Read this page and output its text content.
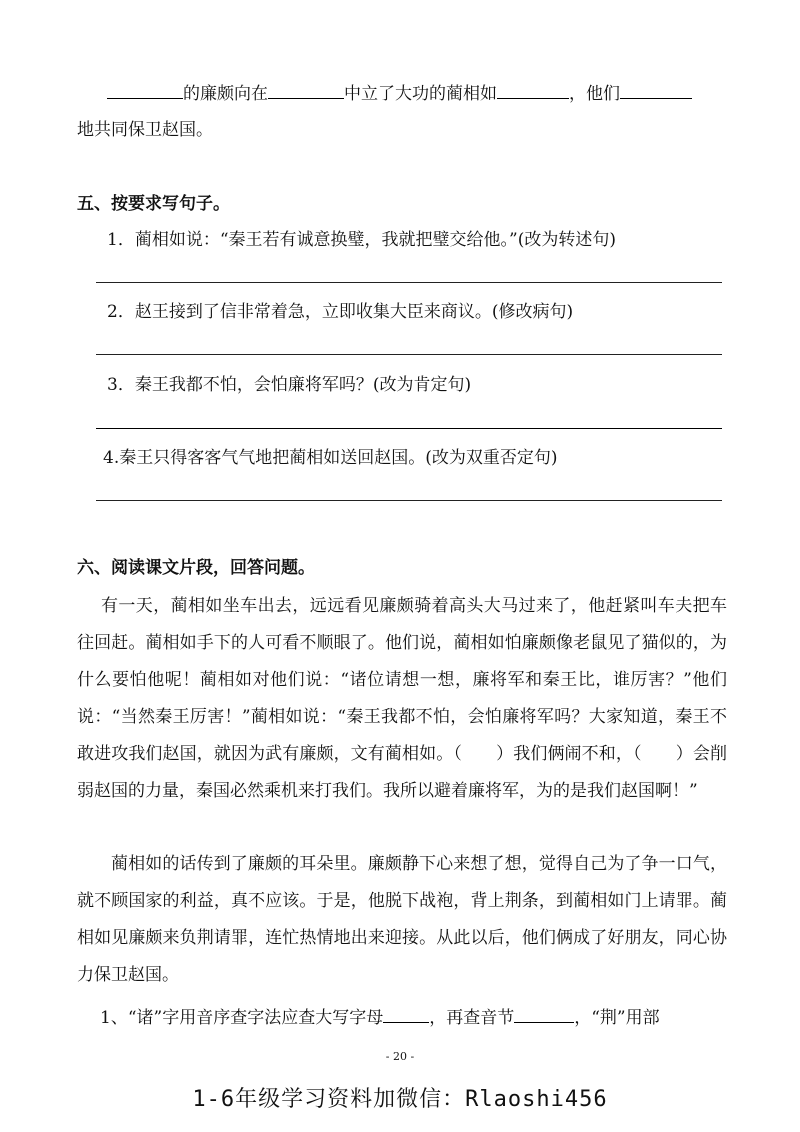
的廉颇向在	中立了大功的蔺相如	，他们
地共同保卫赵国。
五、按要求写句子。
1．蔺相如说：“秦王若有诚意换璧，我就把璧交给他。”(改为转述句)
2．赵王接到了信非常着急，立即收集大臣来商议。(修改病句)
3．秦王我都不怕，会怕廉将军吗？(改为肯定句)
4.秦王只得客客气气地把蔺相如送回赵国。(改为双重否定句)
六、阅读课文片段，回答问题。
有一天，蔺相如坐车出去，远远看见廉颇骑着高头大马过来了，他赶紧叫车夫把车往回赶。蔺相如手下的人可看不顺眼了。他们说，蔺相如怕廉颇像老鼠见了猫似的，为什么要怕他呢！蔺相如对他们说：“诸位请想一想，廉将军和秦王比，谁厉害？”他们说：“当然秦王厉害！”蔺相如说：“秦王我都不怕，会怕廉将军吗？大家知道，秦王不敢进攻我们赵国，就因为武有廉颇，文有蔺相如。（　　）我们俩闹不和，（　　）会削弱赵国的力量，秦国必然乘机来打我们。我所以避着廉将军，为的是我们赵国啊！”
蔺相如的话传到了廉颇的耳朵里。廉颇静下心来想了想，觉得自己为了争一口气，就不顾国家的利益，真不应该。于是，他脱下战袍，背上荆条，到蔺相如门上请罪。蔺相如见廉颇来负荆请罪，连忙热情地出来迎接。从此以后，他们俩成了好朋友，同心协力保卫赵国。
1、“诸”字用音序查字法应查大写字母	，再查音节	，“荆”用部
- 20 -
1-6年级学习资料加微信：Rlaoshi456
